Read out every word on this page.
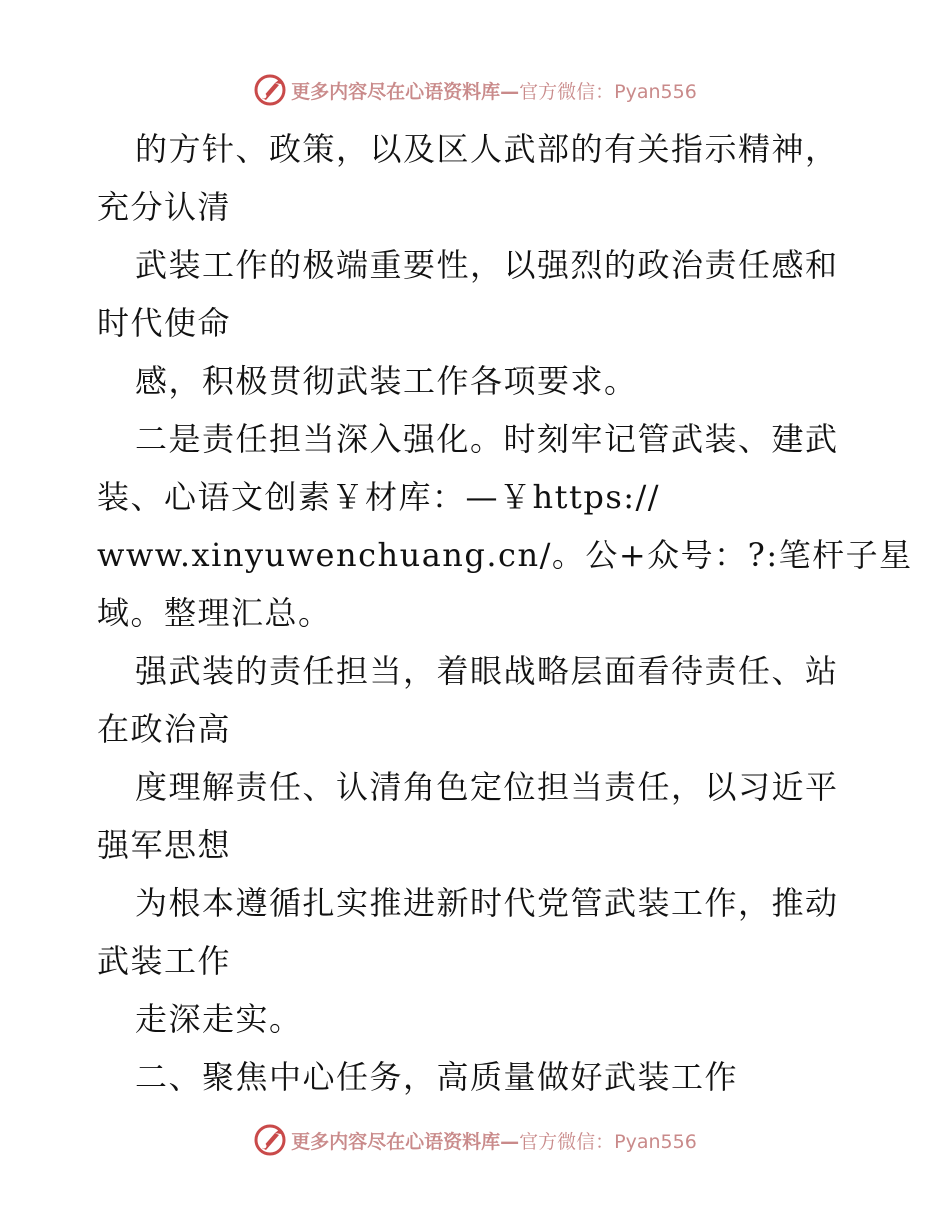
更多内容尽在心语资料库—官方微信：Pyan556
的方针、政策，以及区人武部的有关指示精神，
充分认清
武装工作的极端重要性，以强烈的政治责任感和
时代使命
感，积极贯彻武装工作各项要求。
二是责任担当深入强化。时刻牢记管武装、建武
装、心语文创素￥材库：—￥https://
www.xinyuwenchuang.cn/。公+众号：?:笔杆子星
域。整理汇总。
强武装的责任担当，着眼战略层面看待责任、站
在政治高
度理解责任、认清角色定位担当责任，以习近平
强军思想
为根本遵循扎实推进新时代党管武装工作，推动
武装工作
走深走实。
二、聚焦中心任务，高质量做好武装工作
更多内容尽在心语资料库—官方微信：Pyan556
